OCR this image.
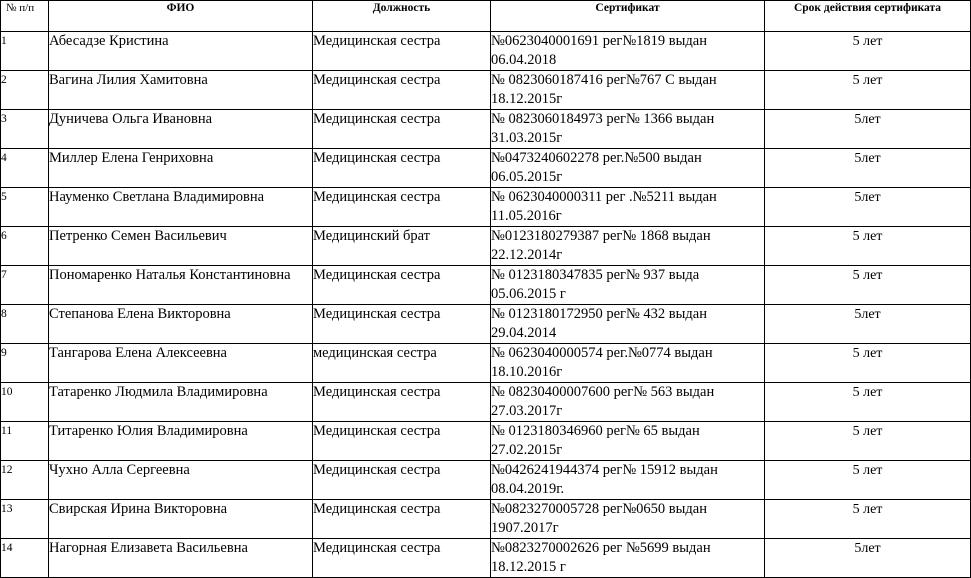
№ п/п	ФИО	Должность	Сертификат	Срок действия сертификата
1	Абесадзе Кристина	Медицинская сестра	№0623040001691 рег№1819 выдан 06.04.2018	5 лет
2	Вагина Лилия Хамитовна	Медицинская сестра	№ 0823060187416 рег№767 С выдан 18.12.2015г	5 лет
3	Дуничева Ольга Ивановна	Медицинская сестра	№ 0823060184973 рег№ 1366 выдан 31.03.2015г	5лет
4	Миллер Елена Генриховна	Медицинская сестра	№0473240602278 рег.№500 выдан 06.05.2015г	5лет
5	Науменко Светлана Владимировна	Медицинская сестра	№ 0623040000311 рег .№5211 выдан 11.05.2016г	5лет
6	Петренко Семен Васильевич	Медицинский брат	№0123180279387 рег№ 1868 выдан 22.12.2014г	5 лет
7	Пономаренко Наталья Константиновна	Медицинская сестра	№ 0123180347835 рег№ 937 выда 05.06.2015 г	5 лет
8	Степанова Елена Викторовна	Медицинская сестра	№ 0123180172950 рег№ 432 выдан 29.04.2014	5лет
9	Тангарова Елена Алексеевна	медицинская сестра	№ 0623040000574 рег.№0774 выдан 18.10.2016г	5 лет
10	Татаренко Людмила Владимировна	Медицинская сестра	№ 08230400007600 рег№ 563 выдан 27.03.2017г	5 лет
11	Титаренко Юлия Владимировна	Медицинская сестра	№ 0123180346960 рег№ 65 выдан 27.02.2015г	5 лет
12	Чухно Алла Сергеевна	Медицинская сестра	№0426241944374 рег№ 15912 выдан 08.04.2019г.	5 лет
13	Свирская Ирина Викторовна	Медицинская сестра	№0823270005728 рег№0650 выдан 1907.2017г	5 лет
14	Нагорная Елизавета Васильевна	Медицинская сестра	№0823270002626 рег №5699 выдан 18.12.2015 г	5лет
